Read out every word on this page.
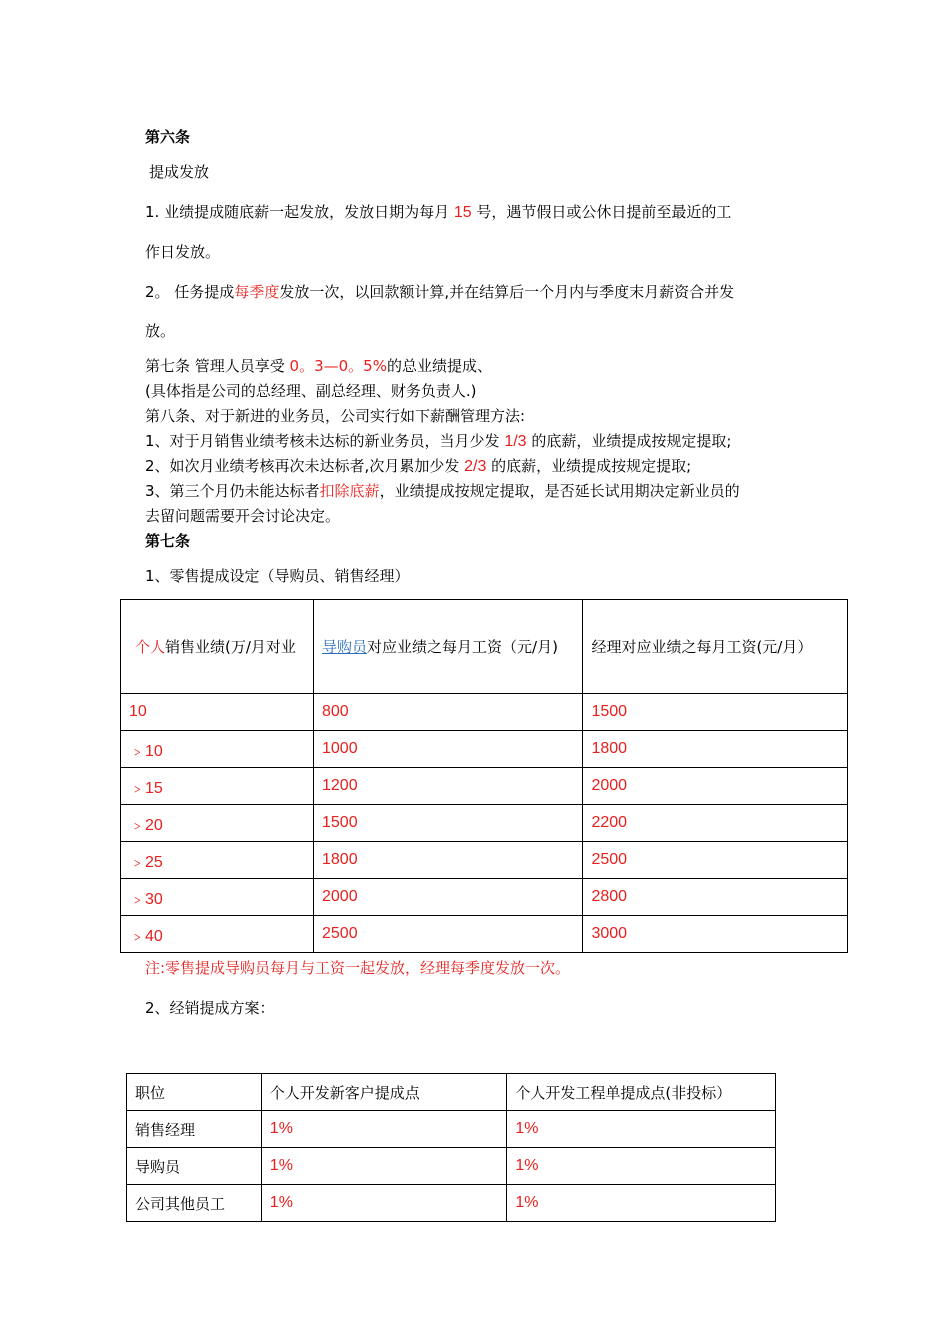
第六条
提成发放
1. 业绩提成随底薪一起发放，发放日期为每月 15 号，遇节假日或公休日提前至最近的工
作日发放。
2。 任务提成每季度发放一次，以回款额计算,并在结算后一个月内与季度末月薪资合并发
放。
第七条 管理人员享受 0。3—0。5%的总业绩提成、
(具体指是公司的总经理、副总经理、财务负责人.)
第八条、对于新进的业务员，公司实行如下薪酬管理方法:
1、对于月销售业绩考核未达标的新业务员，当月少发 1/3 的底薪，业绩提成按规定提取;
2、如次月业绩考核再次未达标者,次月累加少发 2/3 的底薪，业绩提成按规定提取;
3、第三个月仍未能达标者扣除底薪，业绩提成按规定提取，是否延长试用期决定新业员的
去留问题需要开会讨论决定。
第七条
1、零售提成设定（导购员、销售经理）
个人销售业绩(万/月对业	导购员对应业绩之每月工资（元/月)	经理对应业绩之每月工资(元/月）
10	800	1500
﹥10	1000	1800
﹥15	1200	2000
﹥20	1500	2200
﹥25	1800	2500
﹥30	2000	2800
﹥40	2500	3000
注:零售提成导购员每月与工资一起发放，经理每季度发放一次。
2、经销提成方案：
职位	个人开发新客户提成点	个人开发工程单提成点(非投标）
销售经理	1%	1%
导购员	1%	1%
公司其他员工	1%	1%
